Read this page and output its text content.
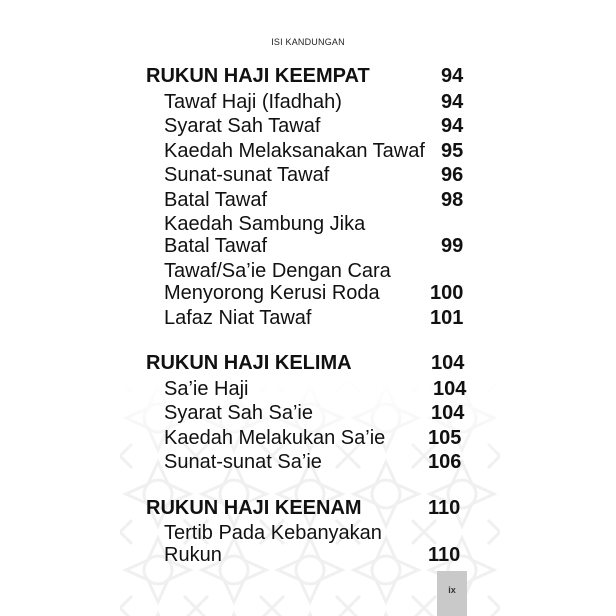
ISI KANDUNGAN
RUKUN HAJI KEEMPAT	94
Tawaf Haji (Ifadhah)	94
Syarat Sah Tawaf	94
Kaedah Melaksanakan Tawaf 95
Sunat-sunat Tawaf	96
Batal Tawaf	98
Kaedah Sambung Jika
Batal Tawaf	99
Tawaf/Sa’ie Dengan Cara
Menyorong Kerusi Roda	100
Lafaz Niat Tawaf	101
RUKUN HAJI KELIMA	104
Sa’ie Haji	104
Syarat Sah Sa’ie	104
Kaedah Melakukan Sa’ie 105
Sunat-sunat Sa’ie	106
RUKUN HAJI KEENAM	110
Tertib Pada Kebanyakan
Rukun	110
ix
